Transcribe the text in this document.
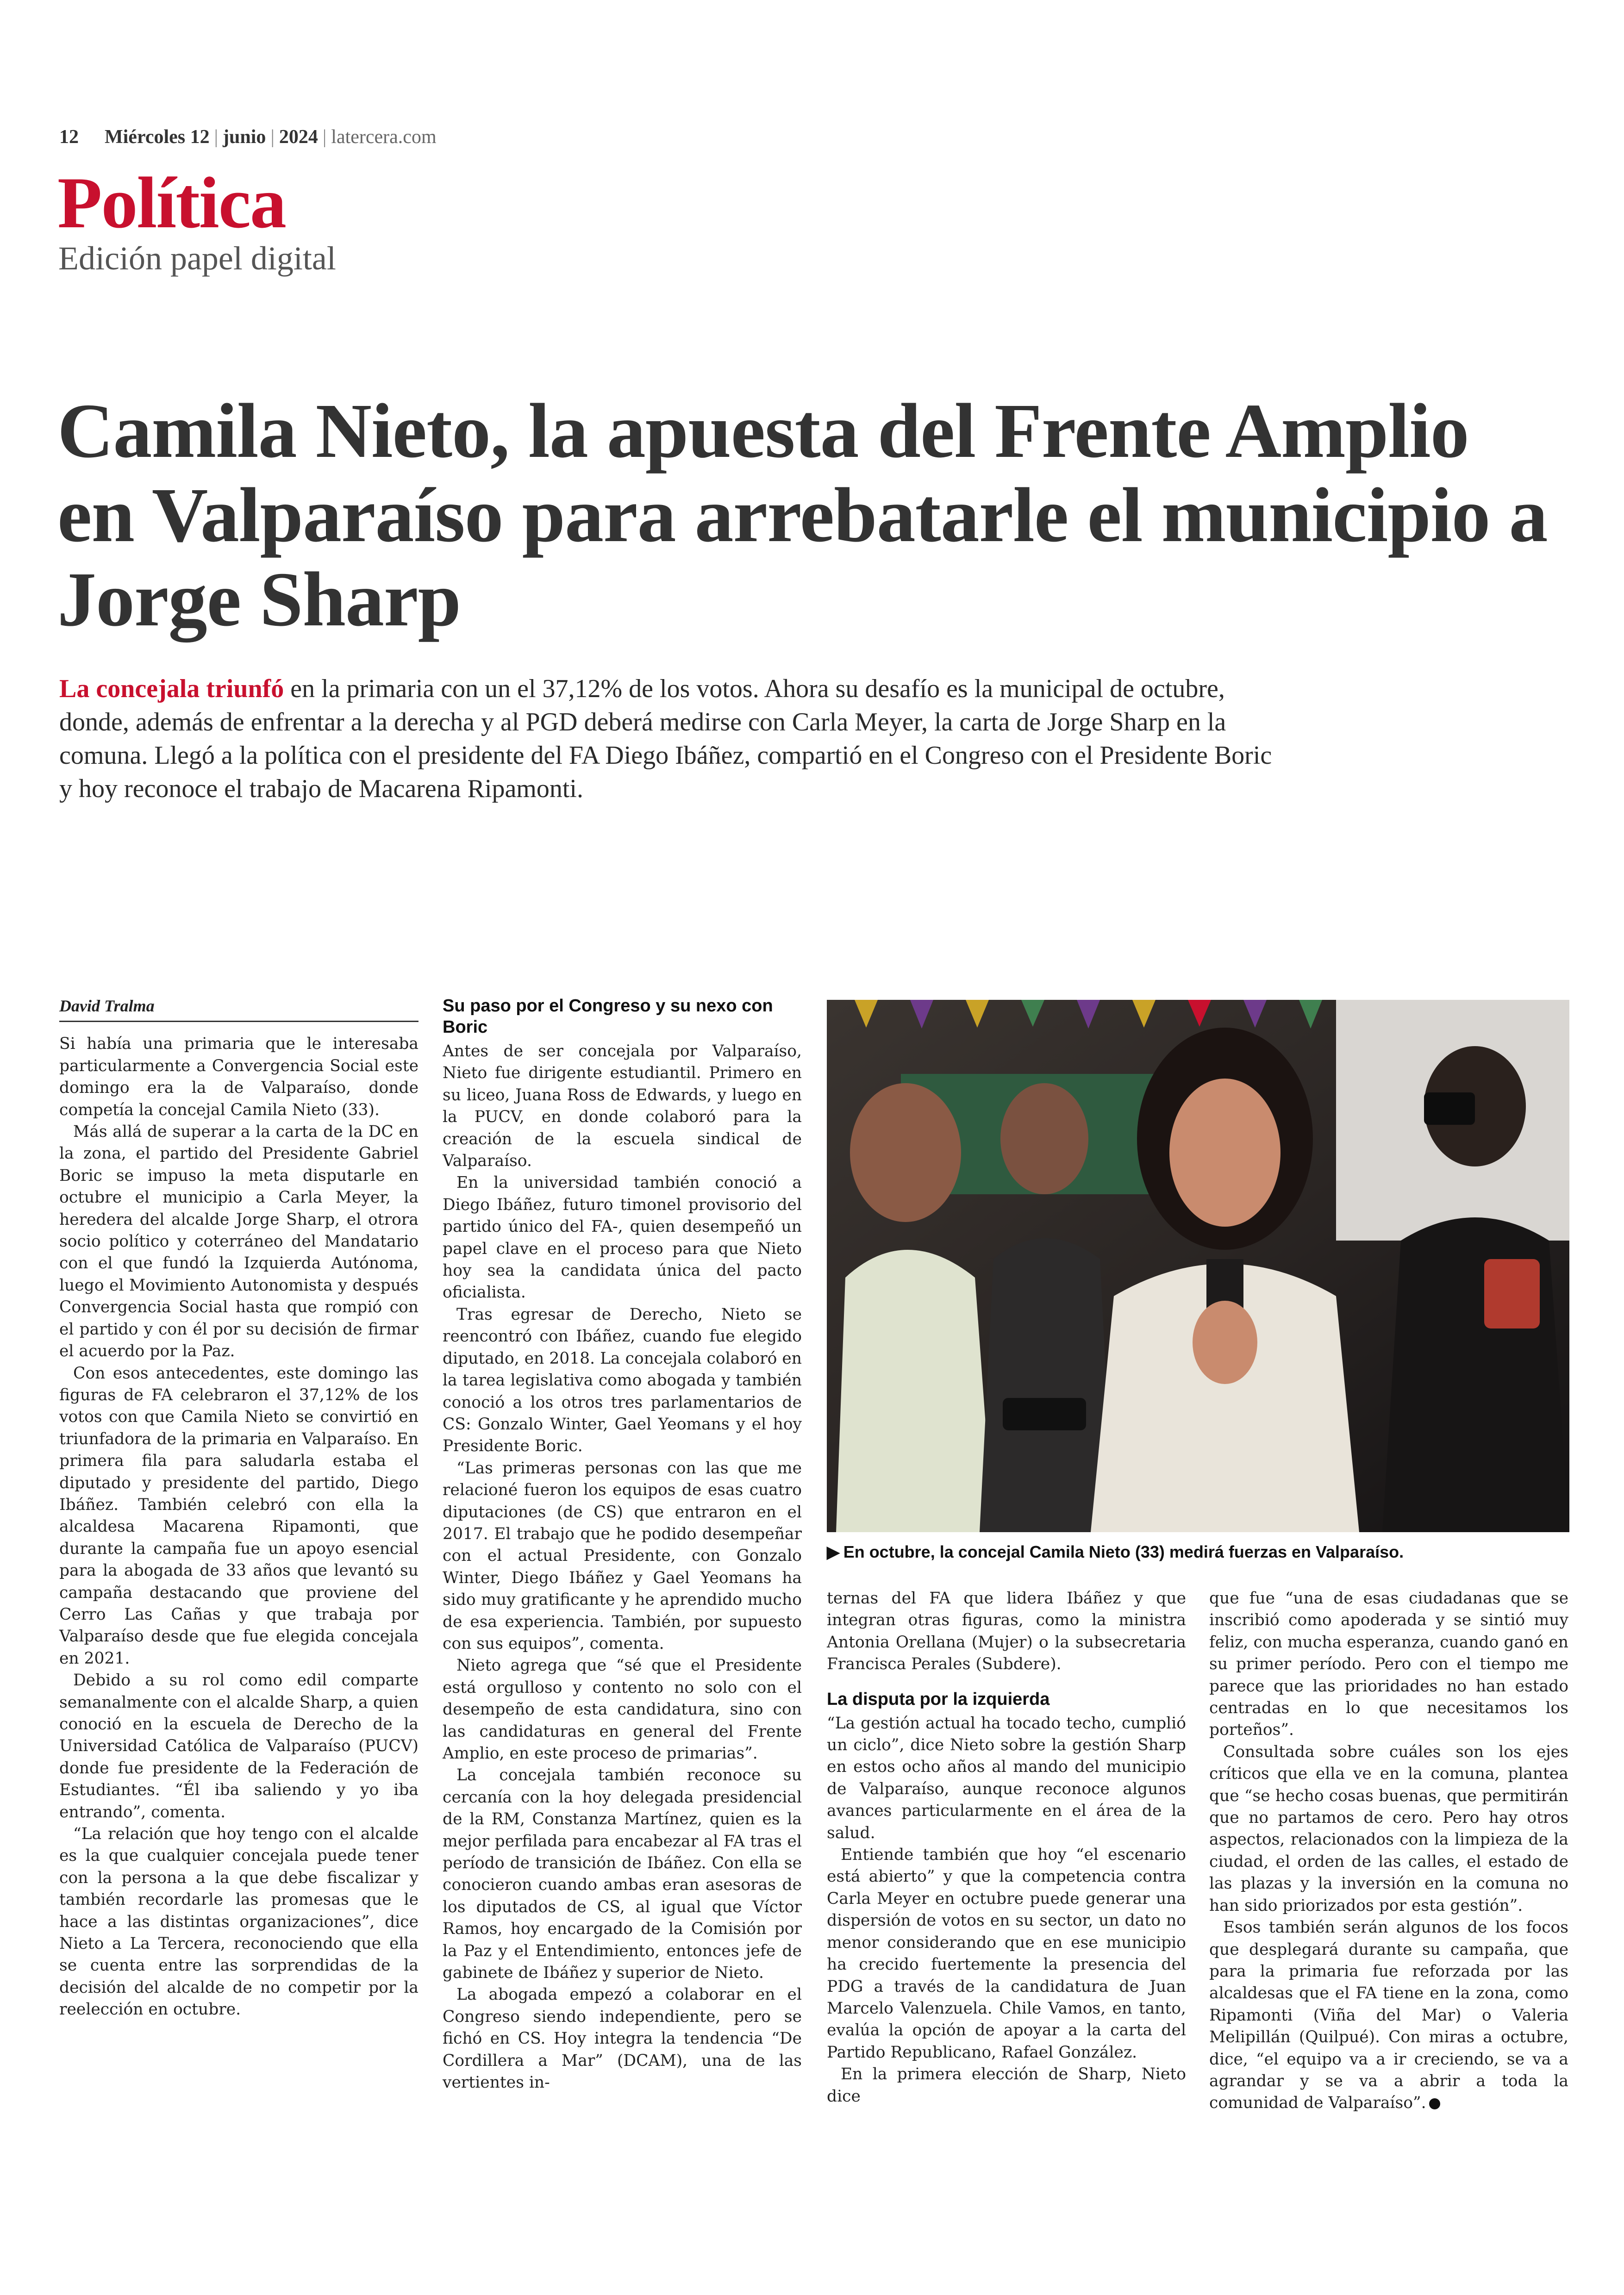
12 Miércoles 12 | junio | 2024 | latercera.com
Política
Edición papel digital
Camila Nieto, la apuesta del Frente Amplio en Valparaíso para arrebatarle el municipio a Jorge Sharp

La concejala triunfó en la primaria con un el 37,12% de los votos. Ahora su desafío es la municipal de octubre, donde, además de enfrentar a la derecha y al PGD deberá medirse con Carla Meyer, la carta de Jorge Sharp en la comuna. Llegó a la política con el presidente del FA Diego Ibáñez, compartió en el Congreso con el Presidente Boric y hoy reconoce el trabajo de Macarena Ripamonti.

David Tralma

Si había una primaria que le interesaba particularmente a Convergencia Social este domingo era la de Valparaíso, donde competía la concejal Camila Nieto (33).

Más allá de superar a la carta de la DC en la zona, el partido del Presidente Gabriel Boric se impuso la meta disputarle en octubre el municipio a Carla Meyer, la heredera del alcalde Jorge Sharp, el otrora socio político y coterráneo del Mandatario con el que fundó la Izquierda Autónoma, luego el Movimiento Autonomista y después Convergencia Social hasta que rompió con el partido y con él por su decisión de firmar el acuerdo por la Paz.

Con esos antecedentes, este domingo las figuras de FA celebraron el 37,12% de los votos con que Camila Nieto se convirtió en triunfadora de la primaria en Valparaíso. En primera fila para saludarla estaba el diputado y presidente del partido, Diego Ibáñez. También celebró con ella la alcaldesa Macarena Ripamonti, que durante la campaña fue un apoyo esencial para la abogada de 33 años que levantó su campaña destacando que proviene del Cerro Las Cañas y que trabaja por Valparaíso desde que fue elegida concejala en 2021.

Debido a su rol como edil comparte semanalmente con el alcalde Sharp, a quien conoció en la escuela de Derecho de la Universidad Católica de Valparaíso (PUCV) donde fue presidente de la Federación de Estudiantes. “Él iba saliendo y yo iba entrando”, comenta.

“La relación que hoy tengo con el alcalde es la que cualquier concejala puede tener con la persona a la que debe fiscalizar y también recordarle las promesas que le hace a las distintas organizaciones”, dice Nieto a La Tercera, reconociendo que ella se cuenta entre las sorprendidas de la decisión del alcalde de no competir por la reelección en octubre.

Su paso por el Congreso y su nexo con Boric

Antes de ser concejala por Valparaíso, Nieto fue dirigente estudiantil. Primero en su liceo, Juana Ross de Edwards, y luego en la PUCV, en donde colaboró para la creación de la escuela sindical de Valparaíso.

En la universidad también conoció a Diego Ibáñez, futuro timonel provisorio del partido único del FA-, quien desempeñó un papel clave en el proceso para que Nieto hoy sea la candidata única del pacto oficialista.

Tras egresar de Derecho, Nieto se reencontró con Ibáñez, cuando fue elegido diputado, en 2018. La concejala colaboró en la tarea legislativa como abogada y también conoció a los otros tres parlamentarios de CS: Gonzalo Winter, Gael Yeomans y el hoy Presidente Boric.

“Las primeras personas con las que me relacioné fueron los equipos de esas cuatro diputaciones (de CS) que entraron en el 2017. El trabajo que he podido desempeñar con el actual Presidente, con Gonzalo Winter, Diego Ibáñez y Gael Yeomans ha sido muy gratificante y he aprendido mucho de esa experiencia. También, por supuesto con sus equipos”, comenta.

Nieto agrega que “sé que el Presidente está orgulloso y contento no solo con el desempeño de esta candidatura, sino con las candidaturas en general del Frente Amplio, en este proceso de primarias”.

La concejala también reconoce su cercanía con la hoy delegada presidencial de la RM, Constanza Martínez, quien es la mejor perfilada para encabezar al FA tras el período de transición de Ibáñez. Con ella se conocieron cuando ambas eran asesoras de los diputados de CS, al igual que Víctor Ramos, hoy encargado de la Comisión por la Paz y el Entendimiento, entonces jefe de gabinete de Ibáñez y superior de Nieto.

La abogada empezó a colaborar en el Congreso siendo independiente, pero se fichó en CS. Hoy integra la tendencia “De Cordillera a Mar” (DCAM), una de las vertientes in-

▶ En octubre, la concejal Camila Nieto (33) medirá fuerzas en Valparaíso.

ternas del FA que lidera Ibáñez y que integran otras figuras, como la ministra Antonia Orellana (Mujer) o la subsecretaria Francisca Perales (Subdere).

La disputa por la izquierda

“La gestión actual ha tocado techo, cumplió un ciclo”, dice Nieto sobre la gestión Sharp en estos ocho años al mando del municipio de Valparaíso, aunque reconoce algunos avances particularmente en el área de la salud.

Entiende también que hoy “el escenario está abierto” y que la competencia contra Carla Meyer en octubre puede generar una dispersión de votos en su sector, un dato no menor considerando que en ese municipio ha crecido fuertemente la presencia del PDG a través de la candidatura de Juan Marcelo Valenzuela. Chile Vamos, en tanto, evalúa la opción de apoyar a la carta del Partido Republicano, Rafael González.

En la primera elección de Sharp, Nieto dice

que fue “una de esas ciudadanas que se inscribió como apoderada y se sintió muy feliz, con mucha esperanza, cuando ganó en su primer período. Pero con el tiempo me parece que las prioridades no han estado centradas en lo que necesitamos los porteños”.

Consultada sobre cuáles son los ejes críticos que ella ve en la comuna, plantea que “se hecho cosas buenas, que permitirán que no partamos de cero. Pero hay otros aspectos, relacionados con la limpieza de la ciudad, el orden de las calles, el estado de las plazas y la inversión en la comuna no han sido priorizados por esta gestión”.

Esos también serán algunos de los focos que desplegará durante su campaña, que para la primaria fue reforzada por las alcaldesas que el FA tiene en la zona, como Ripamonti (Viña del Mar) o Valeria Melipillán (Quilpué). Con miras a octubre, dice, “el equipo va a ir creciendo, se va a agrandar y se va a abrir a toda la comunidad de Valparaíso”.
